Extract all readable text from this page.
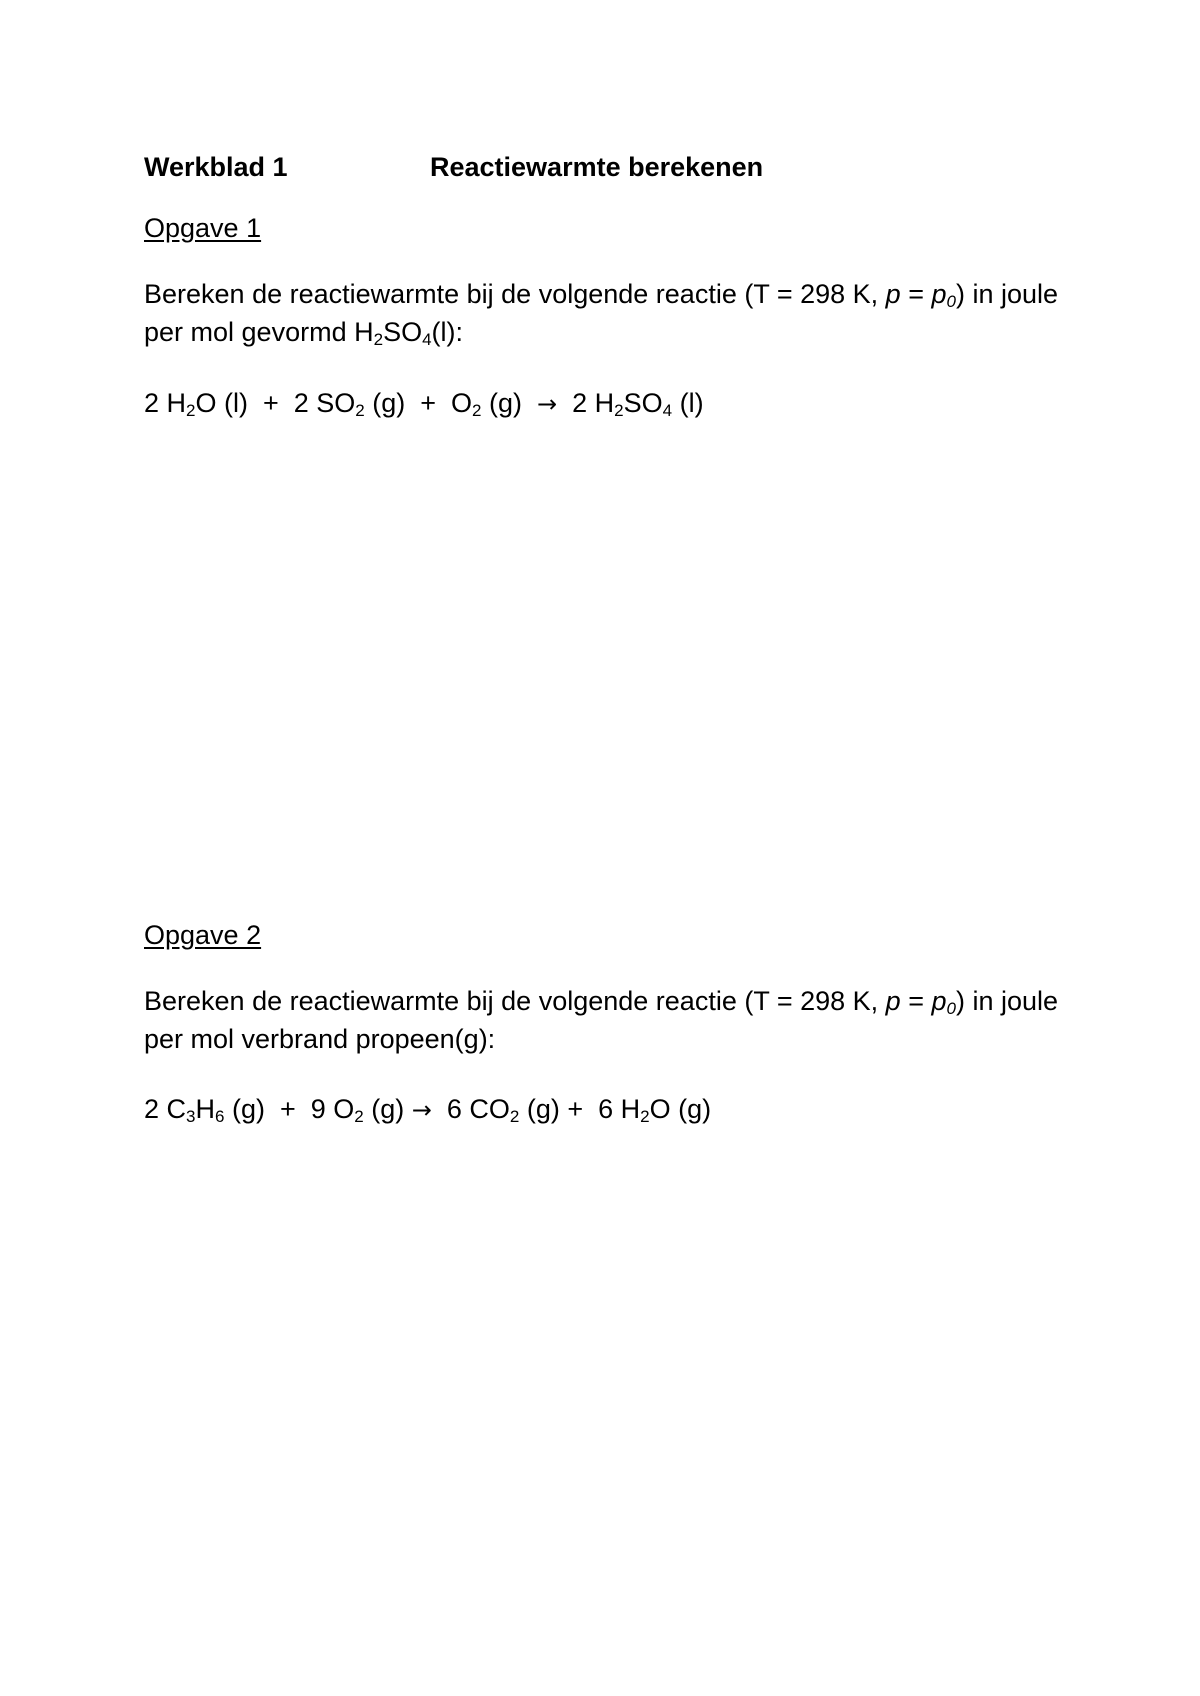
Werkblad 1	Reactiewarmte berekenen
Opgave 1
Bereken de reactiewarmte bij de volgende reactie (T = 298 K, $p = p_0$) in joule
per mol gevormd $H_2SO_4(l)$:
2 $H_2O$ (l)  +  2 $SO_2$ $(g) + O_2$ (g)  →  2 $H_2SO_4$ (l)
Opgave 2
Bereken de reactiewarmte bij de volgende reactie (T = 298 K, $p = p_0$) in joule
per mol verbrand propeen(g):
2 $C_3H_6$ (g)  +  9 $O_2$ (g) →  6 $CO_2$ (g) +  6 $H_2O$ (g)
